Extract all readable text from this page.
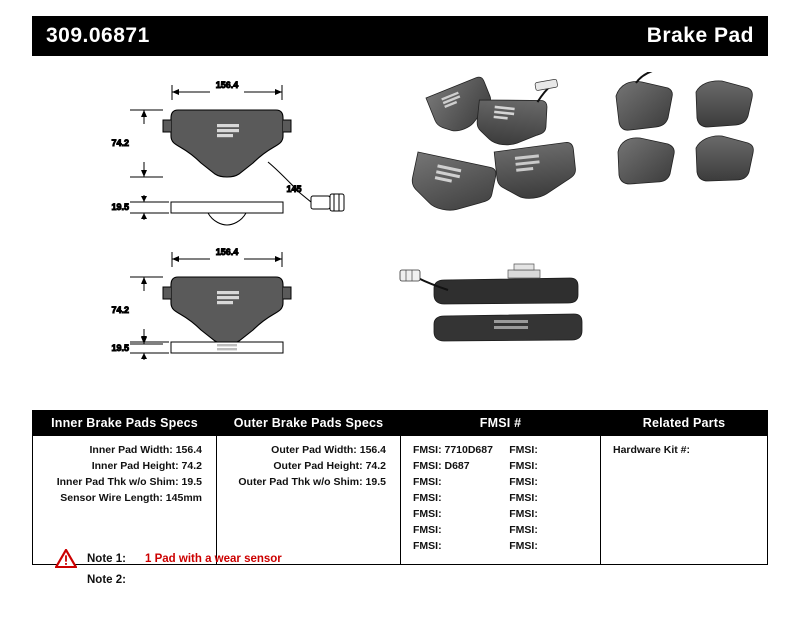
309.06871	Brake Pad
156.4
145
74.2
19.5
156.4
74.2
19.5
Inner Brake Pads Specs
Inner Pad Width: 156.4
Inner Pad Height: 74.2
Inner Pad Thk w/o Shim: 19.5
Sensor Wire Length: 145mm
Outer Brake Pads Specs
Outer Pad Width: 156.4
Outer Pad Height: 74.2
Outer Pad Thk w/o Shim: 19.5
FMSI #
FMSI: 7710D687	FMSI:
FMSI: D687	FMSI:
FMSI:	FMSI:
FMSI:	FMSI:
FMSI:	FMSI:
FMSI:	FMSI:
FMSI:	FMSI:
Related Parts
Hardware Kit #:
Note 1:	1 Pad with a wear sensor
Note 2:
